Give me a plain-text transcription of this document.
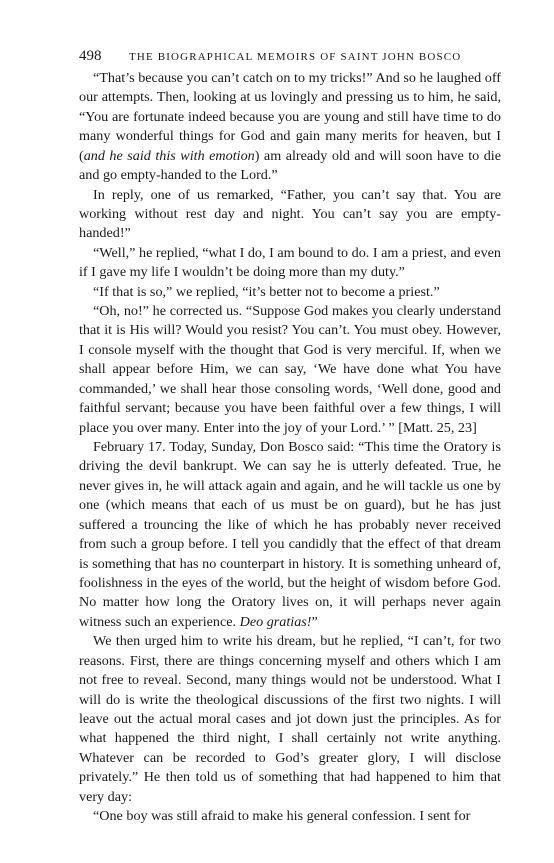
498	THE BIOGRAPHICAL MEMOIRS OF SAINT JOHN BOSCO

“That’s because you can’t catch on to my tricks!” And so he laughed off our attempts. Then, looking at us lovingly and pressing us to him, he said, “You are fortunate indeed because you are young and still have time to do many wonderful things for God and gain many merits for heaven, but I (and he said this with emotion) am already old and will soon have to die and go empty-handed to the Lord.”

In reply, one of us remarked, “Father, you can’t say that. You are working without rest day and night. You can’t say you are empty-handed!”

“Well,” he replied, “what I do, I am bound to do. I am a priest, and even if I gave my life I wouldn’t be doing more than my duty.”

“If that is so,” we replied, “it’s better not to become a priest.”

“Oh, no!” he corrected us. “Suppose God makes you clearly understand that it is His will? Would you resist? You can’t. You must obey. However, I console myself with the thought that God is very merciful. If, when we shall appear before Him, we can say, ‘We have done what You have commanded,’ we shall hear those consoling words, ‘Well done, good and faithful servant; because you have been faithful over a few things, I will place you over many. Enter into the joy of your Lord.’ ” [Matt. 25, 23]

February 17. Today, Sunday, Don Bosco said: “This time the Oratory is driving the devil bankrupt. We can say he is utterly defeated. True, he never gives in, he will attack again and again, and he will tackle us one by one (which means that each of us must be on guard), but he has just suffered a trouncing the like of which he has probably never received from such a group before. I tell you candidly that the effect of that dream is something that has no counterpart in history. It is something unheard of, foolishness in the eyes of the world, but the height of wisdom before God. No matter how long the Oratory lives on, it will perhaps never again witness such an experience. Deo gratias!”

We then urged him to write his dream, but he replied, “I can’t, for two reasons. First, there are things concerning myself and others which I am not free to reveal. Second, many things would not be understood. What I will do is write the theological discussions of the first two nights. I will leave out the actual moral cases and jot down just the principles. As for what happened the third night, I shall certainly not write anything. Whatever can be recorded to God’s greater glory, I will disclose privately.” He then told us of something that had happened to him that very day:

“One boy was still afraid to make his general confession. I sent for
